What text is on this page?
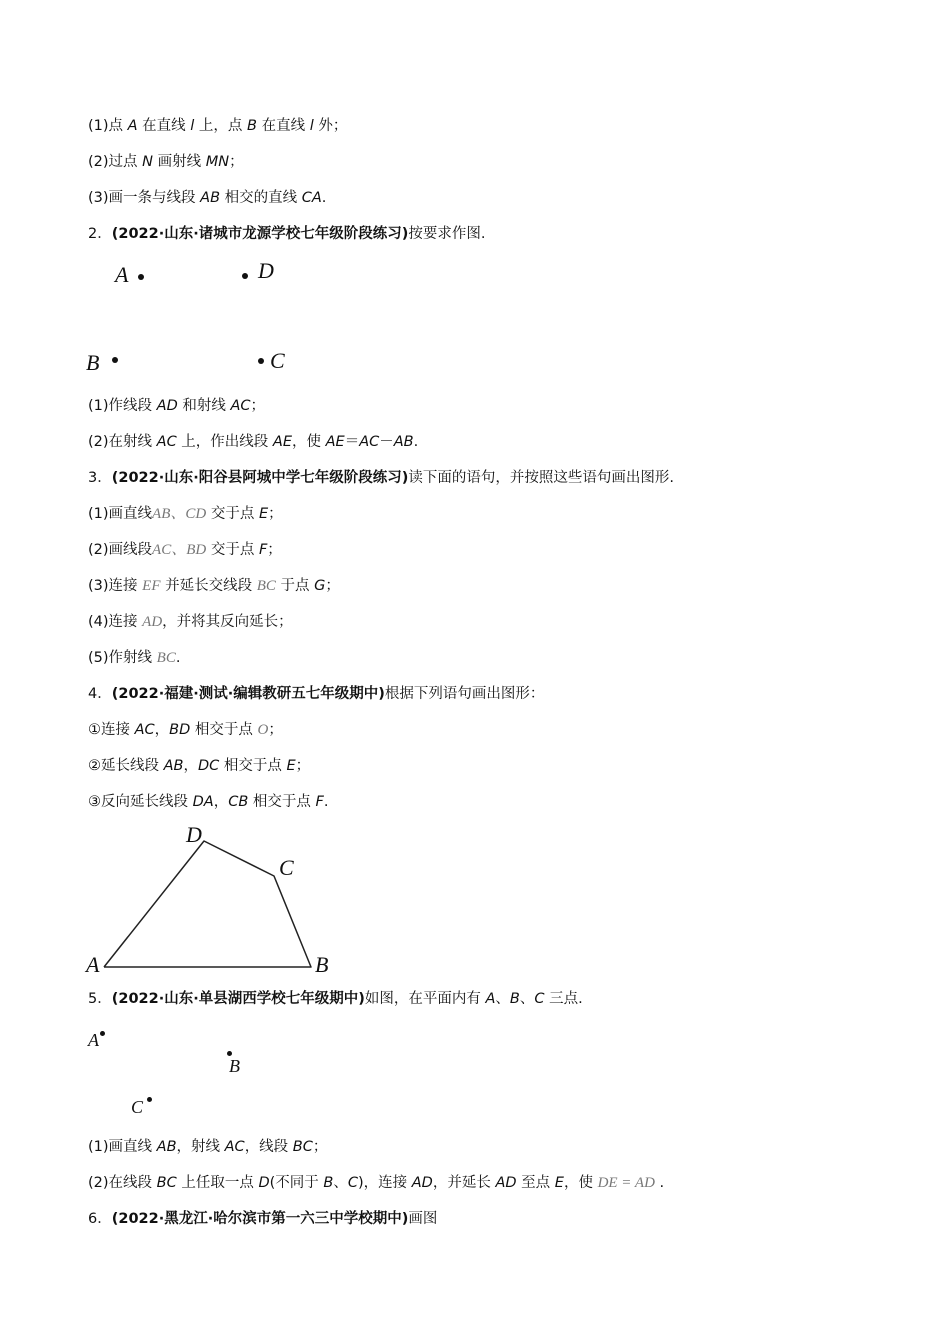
(1)点 A 在直线 l 上，点 B 在直线 l 外；
(2)过点 N 画射线 MN；
(3)画一条与线段 AB 相交的直线 CA.
2．(2022·山东·诸城市龙源学校七年级阶段练习)按要求作图.
A	D
B	C
(1)作线段 AD 和射线 AC；
(2)在射线 AC 上，作出线段 AE，使 AE＝AC－AB.
3．(2022·山东·阳谷县阿城中学七年级阶段练习)读下面的语句，并按照这些语句画出图形.
(1)画直线AB、CD 交于点 E；
(2)画线段AC、BD 交于点 F；
(3)连接 EF 并延长交线段 BC 于点 G；
(4)连接 AD，并将其反向延长；
(5)作射线 BC.
4．(2022·福建·测试·编辑教研五七年级期中)根据下列语句画出图形：
①连接 AC，BD 相交于点 O；
②延长线段 AB，DC 相交于点 E；
③反向延长线段 DA，CB 相交于点 F.
D
C
A	B
5．(2022·山东·单县湖西学校七年级期中)如图，在平面内有 A、B、C 三点.
A
B
C
(1)画直线 AB，射线 AC，线段 BC；
(2)在线段 BC 上任取一点 D(不同于 B、C)，连接 AD，并延长 AD 至点 E，使 DE = AD .
6．(2022·黑龙江·哈尔滨市第一六三中学校期中)画图
